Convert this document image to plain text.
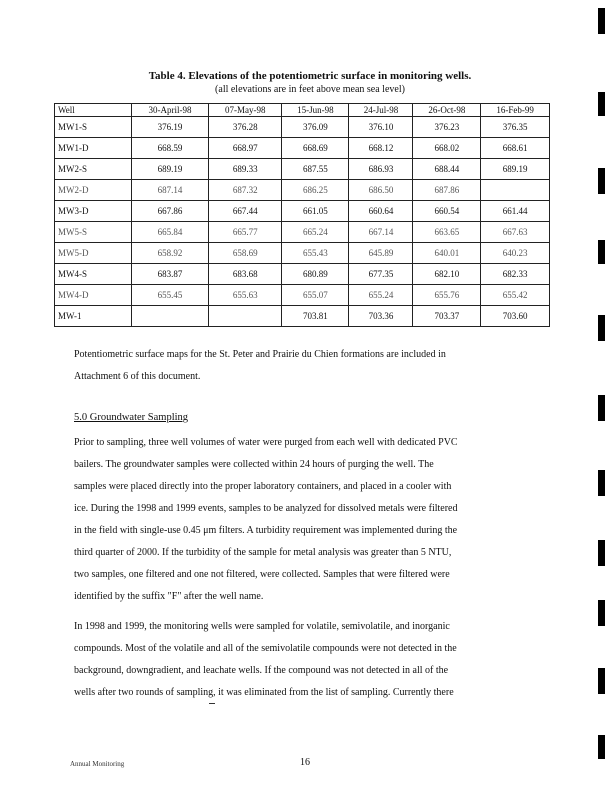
Table 4. Elevations of the potentiometric surface in monitoring wells.
(all elevations are in feet above mean sea level)
Well	30-April-98	07-May-98	15-Jun-98	24-Jul-98	26-Oct-98	16-Feb-99
MW1-S	376.19	376.28	376.09	376.10	376.23	376.35
MW1-D	668.59	668.97	668.69	668.12	668.02	668.61
MW2-S	689.19	689.33	687.55	686.93	688.44	689.19
MW2-D	687.14	687.32	686.25	686.50	687.86	
MW3-D	667.86	667.44	661.05	660.64	660.54	661.44
MW5-S	665.84	665.77	665.24	667.14	663.65	667.63
MW5-D	658.92	658.69	655.43	645.89	640.01	640.23
MW4-S	683.87	683.68	680.89	677.35	682.10	682.33
MW4-D	655.45	655.63	655.07	655.24	655.76	655.42
MW-1			703.81	703.36	703.37	703.60

Potentiometric surface maps for the St. Peter and Prairie du Chien formations are included in
Attachment 6 of this document.

5.0 Groundwater Sampling

Prior to sampling, three well volumes of water were purged from each well with dedicated PVC
bailers. The groundwater samples were collected within 24 hours of purging the well. The
samples were placed directly into the proper laboratory containers, and placed in a cooler with
ice. During the 1998 and 1999 events, samples to be analyzed for dissolved metals were filtered
in the field with single-use 0.45 μm filters. A turbidity requirement was implemented during the
third quarter of 2000. If the turbidity of the sample for metal analysis was greater than 5 NTU,
two samples, one filtered and one not filtered, were collected. Samples that were filtered were
identified by the suffix "F" after the well name.

In 1998 and 1999, the monitoring wells were sampled for volatile, semivolatile, and inorganic
compounds. Most of the volatile and all of the semivolatile compounds were not detected in the
background, downgradient, and leachate wells. If the compound was not detected in all of the
wells after two rounds of sampling, it was eliminated from the list of sampling. Currently there

Annual Monitoring	16
